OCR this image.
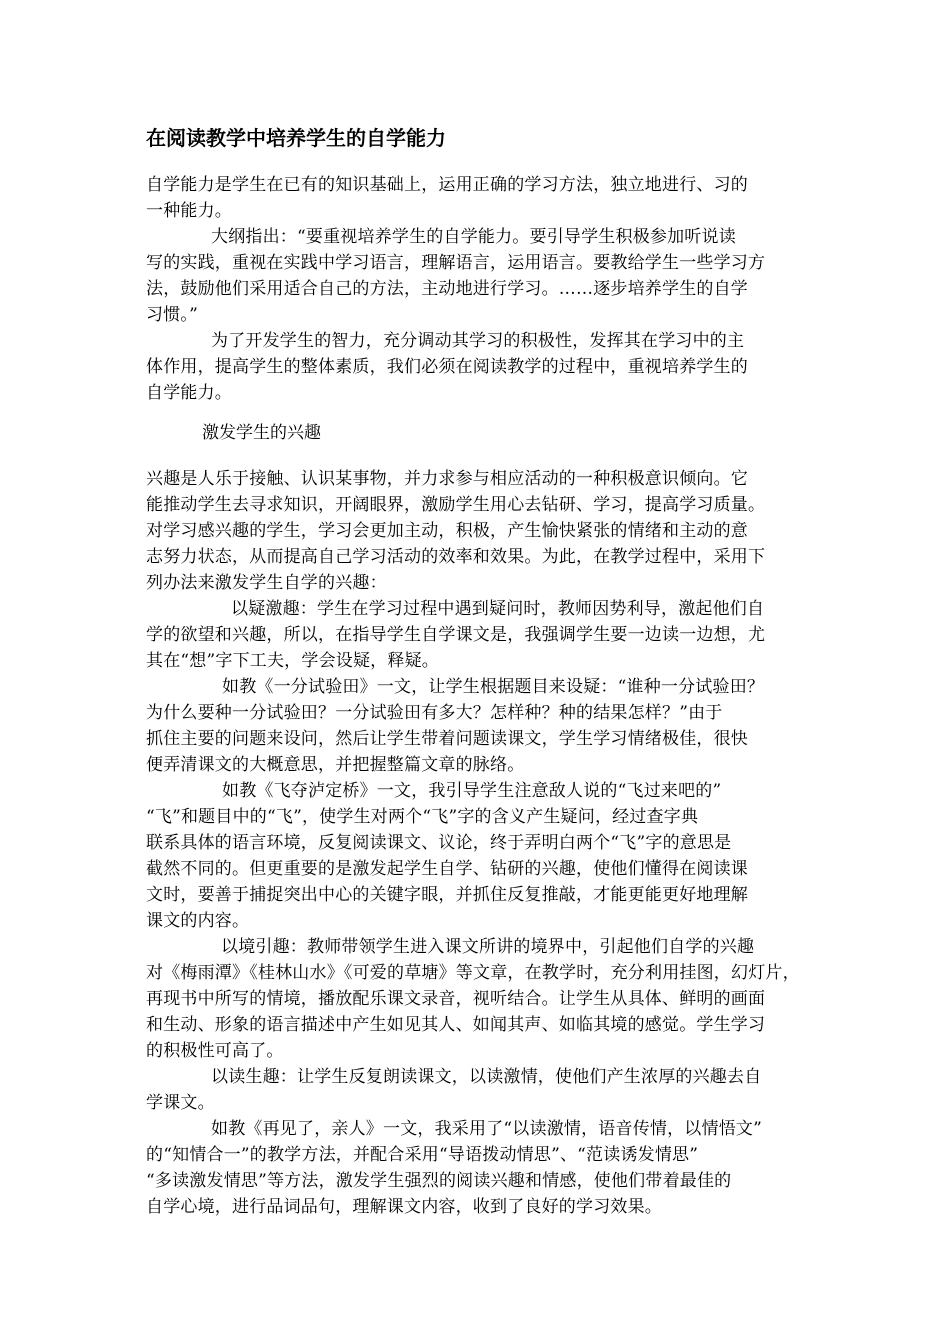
在阅读教学中培养学生的自学能力
激发学生的兴趣
自学能力是学生在已有的知识基础上，运用正确的学习方法，独立地进行、习的
一种能力。
大纲指出：“要重视培养学生的自学能力。要引导学生积极参加听说读
写的实践，重视在实践中学习语言，理解语言，运用语言。要教给学生一些学习方
法，鼓励他们采用适合自己的方法，主动地进行学习。……逐步培养学生的自学
习惯。”
为了开发学生的智力，充分调动其学习的积极性，发挥其在学习中的主
体作用，提高学生的整体素质，我们必须在阅读教学的过程中，重视培养学生的
自学能力。
兴趣是人乐于接触、认识某事物，并力求参与相应活动的一种积极意识倾向。它
能推动学生去寻求知识，开阔眼界，激励学生用心去钻研、学习，提高学习质量。
对学习感兴趣的学生，学习会更加主动，积极，产生愉快紧张的情绪和主动的意
志努力状态，从而提高自己学习活动的效率和效果。为此，在教学过程中，采用下
列办法来激发学生自学的兴趣：
以疑激趣：学生在学习过程中遇到疑问时，教师因势利导，激起他们自
学的欲望和兴趣，所以，在指导学生自学课文是，我强调学生要一边读一边想，尤
其在“想”字下工夫，学会设疑，释疑。
如教《一分试验田》一文，让学生根据题目来设疑：“谁种一分试验田？
为什么要种一分试验田？一分试验田有多大？怎样种？种的结果怎样？”由于
抓住主要的问题来设问，然后让学生带着问题读课文，学生学习情绪极佳，很快
便弄清课文的大概意思，并把握整篇文章的脉络。
如教《飞夺泸定桥》一文，我引导学生注意敌人说的“飞过来吧的”
“飞”和题目中的“飞”，使学生对两个“飞”字的含义产生疑问，经过查字典
联系具体的语言环境，反复阅读课文、议论，终于弄明白两个“飞”字的意思是
截然不同的。但更重要的是激发起学生自学、钻研的兴趣，使他们懂得在阅读课
文时，要善于捕捉突出中心的关键字眼，并抓住反复推敲，才能更能更好地理解
课文的内容。
以境引趣：教师带领学生进入课文所讲的境界中，引起他们自学的兴趣
对《梅雨潭》《桂林山水》《可爱的草塘》等文章，在教学时，充分利用挂图，幻灯片，
再现书中所写的情境，播放配乐课文录音，视听结合。让学生从具体、鲜明的画面
和生动、形象的语言描述中产生如见其人、如闻其声、如临其境的感觉。学生学习
的积极性可高了。
以读生趣：让学生反复朗读课文，以读激情，使他们产生浓厚的兴趣去自
学课文。
如教《再见了，亲人》一文，我采用了“以读激情，语音传情，以情悟文”
的“知情合一”的教学方法，并配合采用“导语拨动情思”、“范读诱发情思”
“多读激发情思”等方法，激发学生强烈的阅读兴趣和情感，使他们带着最佳的
自学心境，进行品词品句，理解课文内容，收到了良好的学习效果。
